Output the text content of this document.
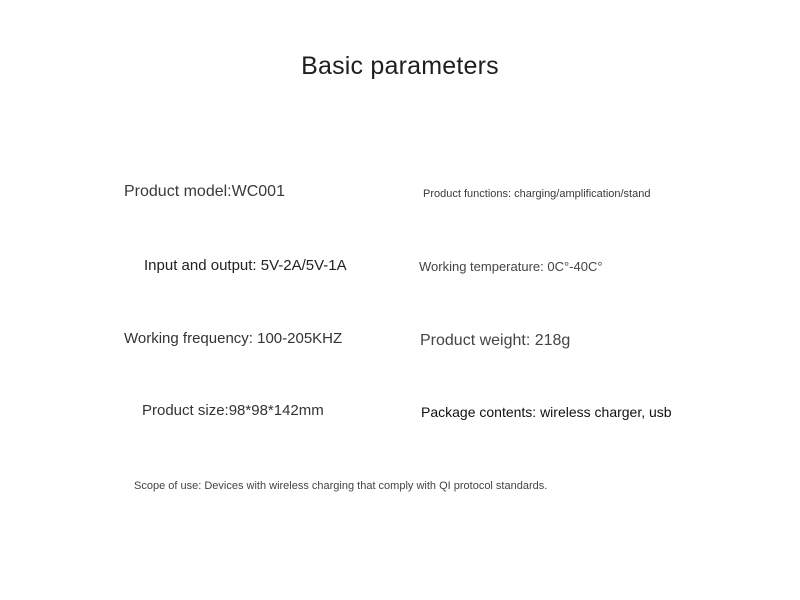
Basic parameters
Product model:WC001	Product functions: charging/amplification/stand
Input and output: 5V-2A/5V-1A	Working temperature: 0C°-40C°
Working frequency: 100-205KHZ	Product weight: 218g
Product size:98*98*142mm	Package contents: wireless charger, usb
Scope of use: Devices with wireless charging that comply with QI protocol standards.
